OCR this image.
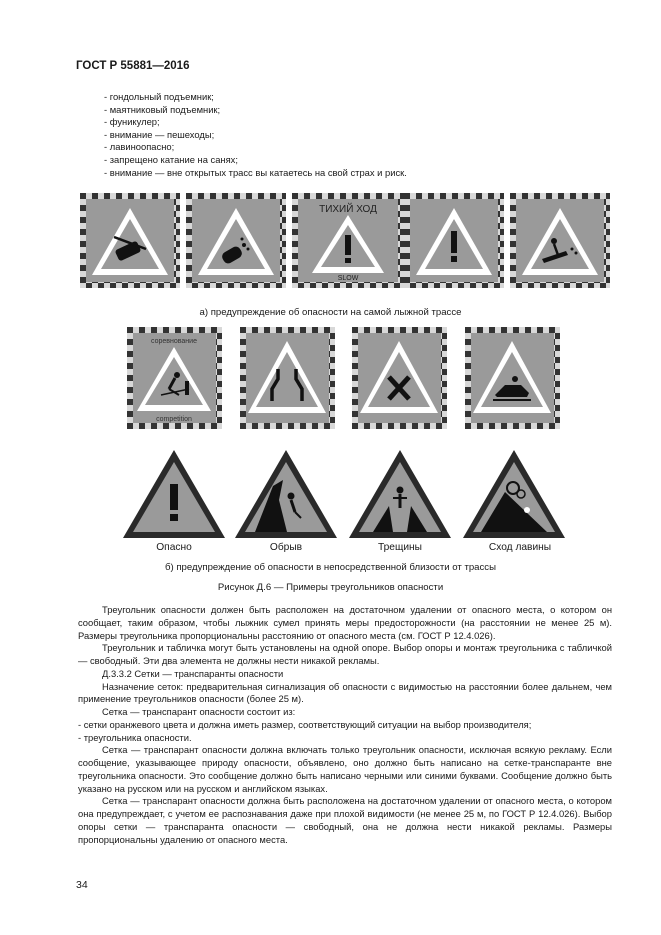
ГОСТ Р 55881—2016
- гондольный подъемник;
- маятниковый подъемник;
- фуникулер;
- внимание — пешеходы;
- лавиноопасно;
- запрещено катание на санях;
- внимание — вне открытых трасс вы катаетесь на свой страх и риск.
ТИХИЙ ХОД
SLOW
а) предупреждение об опасности на самой лыжной трассе
соревнование
competition
Опасно	Обрыв	Трещины	Сход лавины
б) предупреждение об опасности в непосредственной близости от трассы
Рисунок Д.6 — Примеры треугольников опасности

Треугольник опасности должен быть расположен на достаточном удалении от опасного места, о котором он сообщает, таким образом, чтобы лыжник сумел принять меры предосторожности (на расстоянии не менее 25 м). Размеры треугольника пропорциональны расстоянию от опасного места (см. ГОСТ Р 12.4.026).

Треугольник и табличка могут быть установлены на одной опоре. Выбор опоры и монтаж треугольника с табличкой — свободный. Эти два элемента не должны нести никакой рекламы.

Д.3.3.2 Сетки — транспаранты опасности

Назначение сеток: предварительная сигнализация об опасности с видимостью на расстоянии более дальнем, чем применение треугольников опасности (более 25 м).

Сетка — транспарант опасности состоит из:

- сетки оранжевого цвета и должна иметь размер, соответствующий ситуации на выбор производителя;

- треугольника опасности.

Сетка — транспарант опасности должна включать только треугольник опасности, исключая всякую рекламу. Если сообщение, указывающее природу опасности, объявлено, оно должно быть написано на сетке-транспаранте вне треугольника опасности. Это сообщение должно быть написано черными или синими буквами. Сообщение должно быть указано на русском или на русском и английском языках.

Сетка — транспарант опасности должна быть расположена на достаточном удалении от опасного места, о котором она предупреждает, с учетом ее распознавания даже при плохой видимости (не менее 25 м, по ГОСТ Р 12.4.026). Выбор опоры сетки — транспаранта опасности — свободный, она не должна нести никакой рекламы. Размеры пропорциональны удалению от опасного места.

34
